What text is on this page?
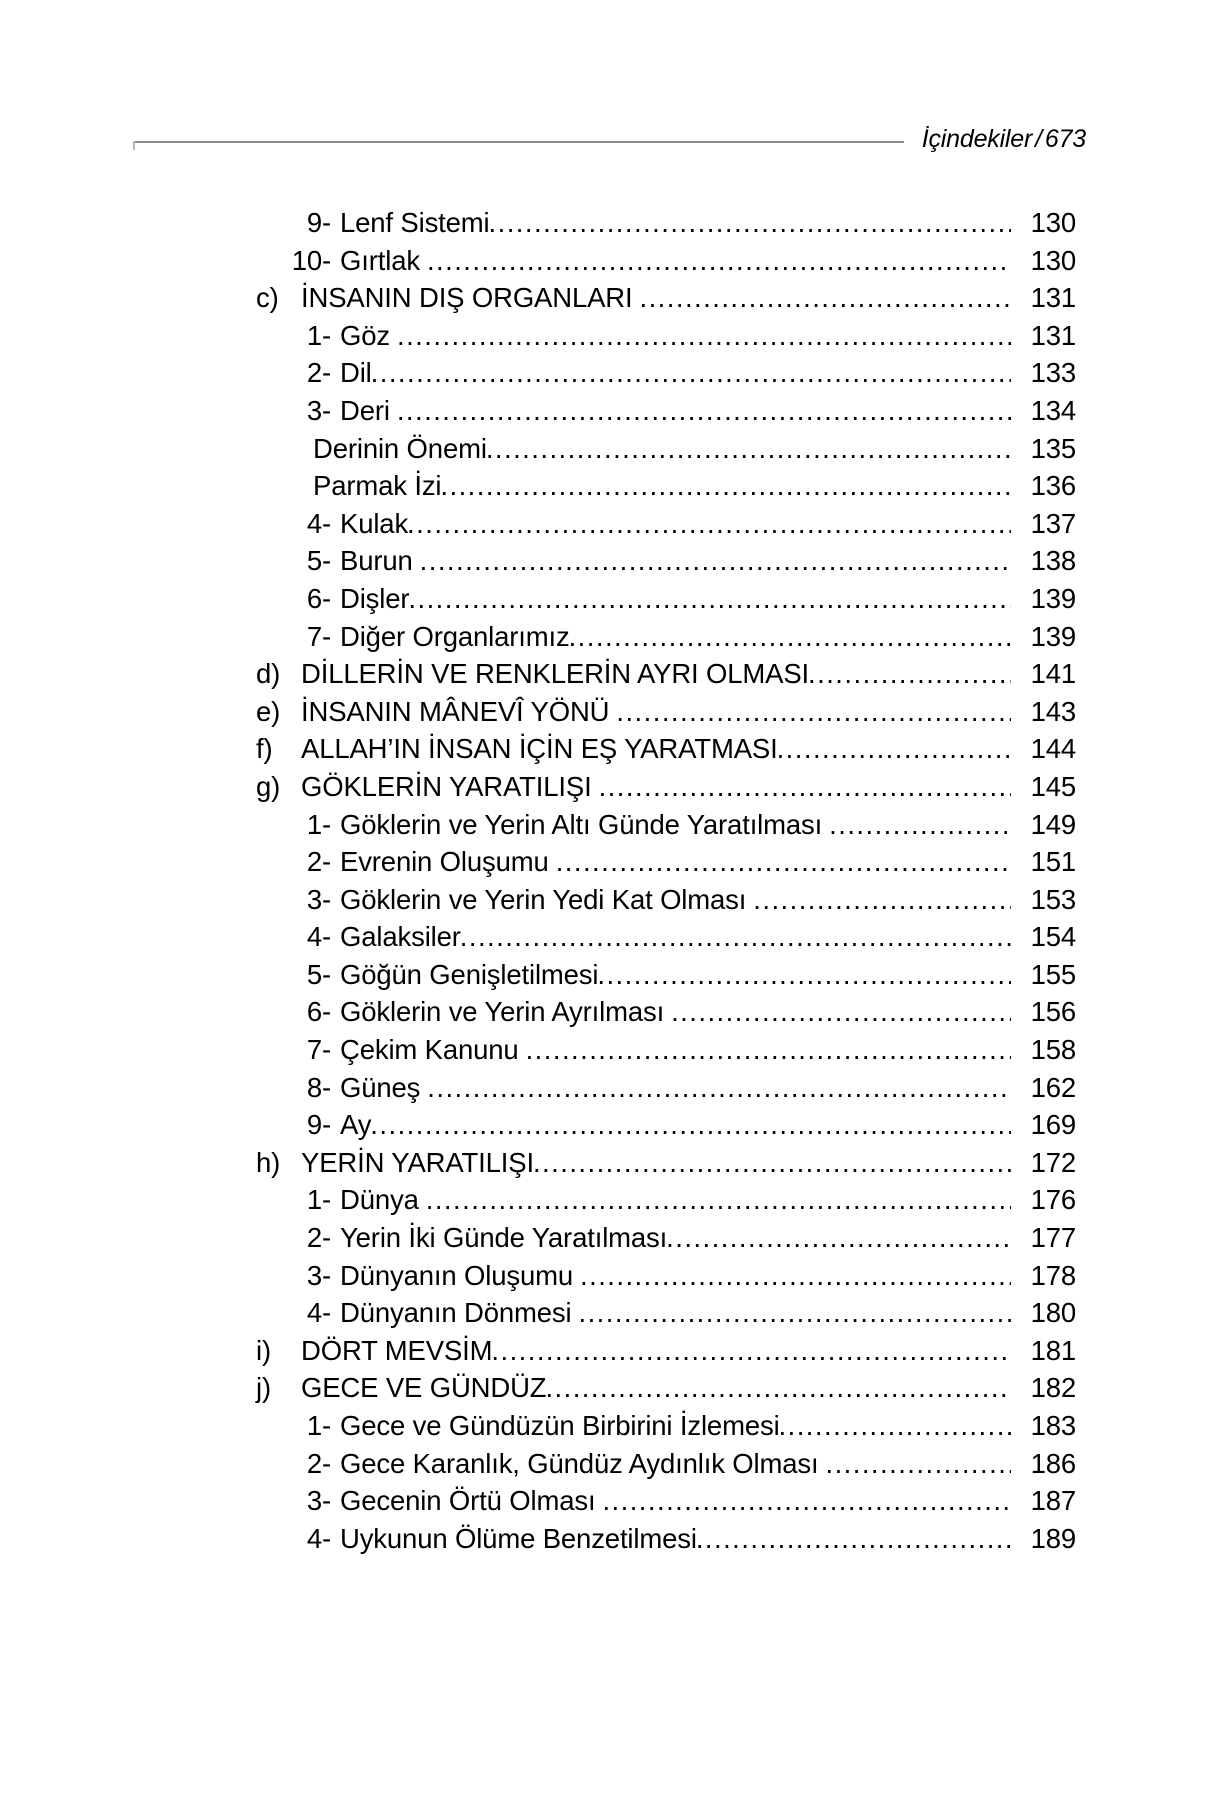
İçindekiler / 673
9- Lenf Sistemi .....	130
10- Gırtlak .....	130
c) İNSANIN DIŞ ORGANLARI .....	131
1- Göz .....	131
2- Dil .....	133
3- Deri .....	134
Derinin Önemi .....	135
Parmak İzi .....	136
4- Kulak .....	137
5- Burun .....	138
6- Dişler .....	139
7- Diğer Organlarımız .....	139
d) DİLLERİN VE RENKLERİN AYRI OLMASI .....	141
e) İNSANIN MÂNEVÎ YÖNÜ .....	143
f)	ALLAH’IN İNSAN İÇİN EŞ YARATMASI .....	144
g) GÖKLERİN YARATILIŞI .....	145
1- Göklerin ve Yerin Altı Günde Yaratılması .....	149
2- Evrenin Oluşumu .....	151
3- Göklerin ve Yerin Yedi Kat Olması .....	153
4- Galaksiler .....	154
5- Göğün Genişletilmesi .....	155
6- Göklerin ve Yerin Ayrılması .....	156
7- Çekim Kanunu .....	158
8- Güneş .....	162
9- Ay .....	169
h) YERİN YARATILIŞI .....	172
1- Dünya .....	176
2- Yerin İki Günde Yaratılması .....	177
3- Dünyanın Oluşumu .....	178
4- Dünyanın Dönmesi .....	180
i)	DÖRT MEVSİM .....	181
j)	GECE VE GÜNDÜZ .....	182
1- Gece ve Gündüzün Birbirini İzlemesi .....	183
2- Gece Karanlık, Gündüz Aydınlık Olması .....	186
3- Gecenin Örtü Olması .....	187
4- Uykunun Ölüme Benzetilmesi .....	189
